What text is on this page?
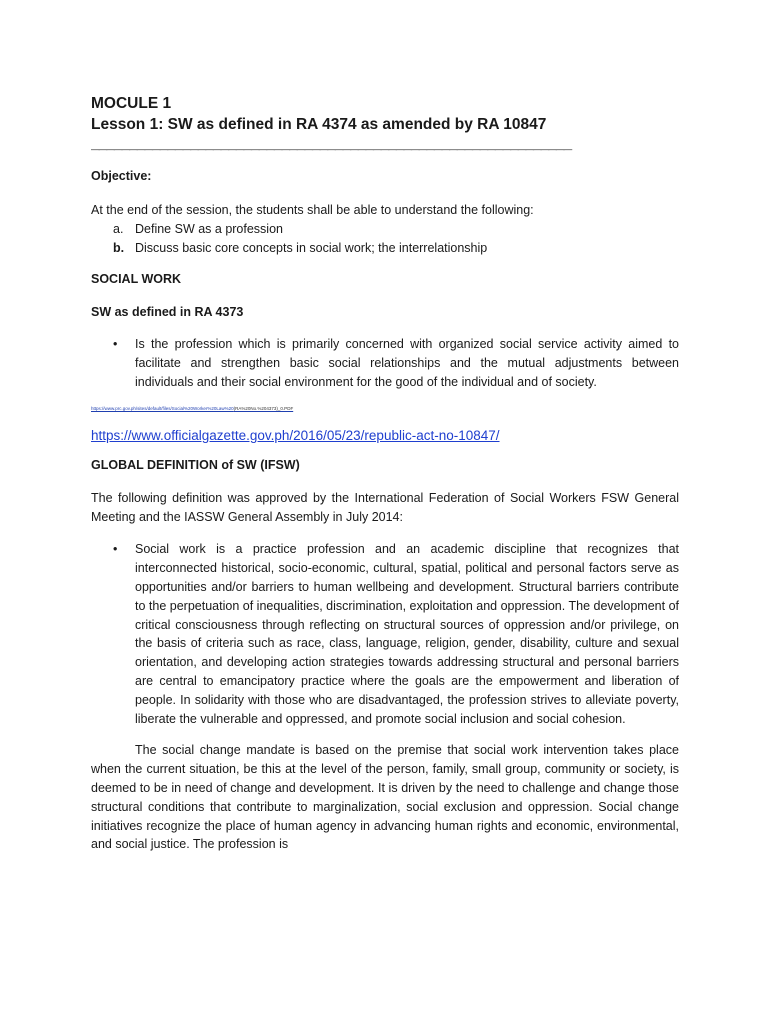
MOCULE 1

Lesson 1: SW as defined in RA 4374 as amended by RA 10847

_______________________________________________________________

Objective:

At the end of the session, the students shall be able to understand the following:

a. Define SW as a profession
b. Discuss basic core concepts in social work; the interrelationship

SOCIAL WORK

SW as defined in RA 4373

• Is the profession which is primarily concerned with organized social service activity aimed to facilitate and strengthen basic social relationships and the mutual adjustments between individuals and their social environment for the good of the individual and of society.

https://www.prc.gov.ph/sites/default/files/Social%20Worker%20Law%20(RA%20No.%204373)_0.PDF

https://www.officialgazette.gov.ph/2016/05/23/republic-act-no-10847/

GLOBAL DEFINITION of SW (IFSW)

The following definition was approved by the International Federation of Social Workers FSW General Meeting and the IASSW General Assembly in July 2014:

• Social work is a practice profession and an academic discipline that recognizes that interconnected historical, socio-economic, cultural, spatial, political and personal factors serve as opportunities and/or barriers to human wellbeing and development. Structural barriers contribute to the perpetuation of inequalities, discrimination, exploitation and oppression. The development of critical consciousness through reflecting on structural sources of oppression and/or privilege, on the basis of criteria such as race, class, language, religion, gender, disability, culture and sexual orientation, and developing action strategies towards addressing structural and personal barriers are central to emancipatory practice where the goals are the empowerment and liberation of people. In solidarity with those who are disadvantaged, the profession strives to alleviate poverty, liberate the vulnerable and oppressed, and promote social inclusion and social cohesion.

The social change mandate is based on the premise that social work intervention takes place when the current situation, be this at the level of the person, family, small group, community or society, is deemed to be in need of change and development. It is driven by the need to challenge and change those structural conditions that contribute to marginalization, social exclusion and oppression. Social change initiatives recognize the place of human agency in advancing human rights and economic, environmental, and social justice. The profession is
